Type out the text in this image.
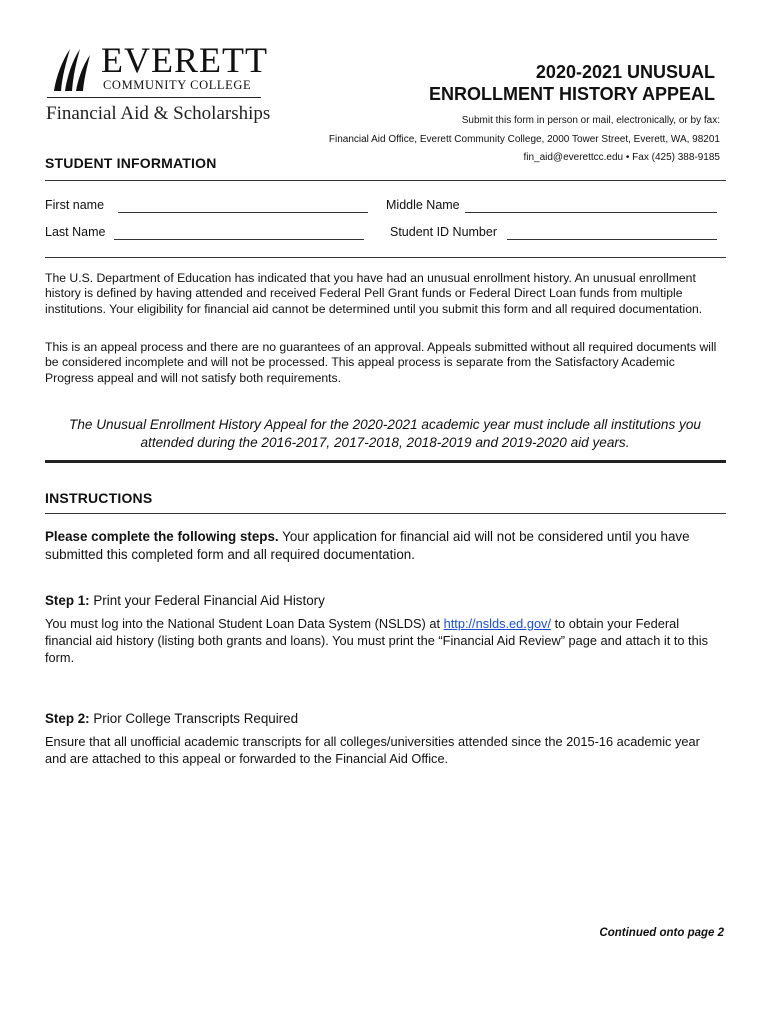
EVERETT
COMMUNITY COLLEGE
Financial Aid & Scholarships
2020-2021 UNUSUAL
ENROLLMENT HISTORY APPEAL
Submit this form in person or mail, electronically, or by fax:
Financial Aid Office, Everett Community College, 2000 Tower Street, Everett, WA, 98201
fin_aid@everettcc.edu • Fax (425) 388-9185
STUDENT INFORMATION
First name	Middle Name
Last Name	Student ID Number
The U.S. Department of Education has indicated that you have had an unusual enrollment history. An unusual enrollment history is defined by having attended and received Federal Pell Grant funds or Federal Direct Loan funds from multiple institutions. Your eligibility for financial aid cannot be determined until you submit this form and all required documentation.
This is an appeal process and there are no guarantees of an approval. Appeals submitted without all required documents will be considered incomplete and will not be processed. This appeal process is separate from the Satisfactory Academic Progress appeal and will not satisfy both requirements.
The Unusual Enrollment History Appeal for the 2020-2021 academic year must include all institutions you attended during the 2016-2017, 2017-2018, 2018-2019 and 2019-2020 aid years.
INSTRUCTIONS
Please complete the following steps. Your application for financial aid will not be considered until you have submitted this completed form and all required documentation.
Step 1: Print your Federal Financial Aid History
You must log into the National Student Loan Data System (NSLDS) at http://nslds.ed.gov/ to obtain your Federal financial aid history (listing both grants and loans). You must print the “Financial Aid Review” page and attach it to this form.
Step 2: Prior College Transcripts Required
Ensure that all unofficial academic transcripts for all colleges/universities attended since the 2015-16 academic year and are attached to this appeal or forwarded to the Financial Aid Office.
Continued onto page 2
